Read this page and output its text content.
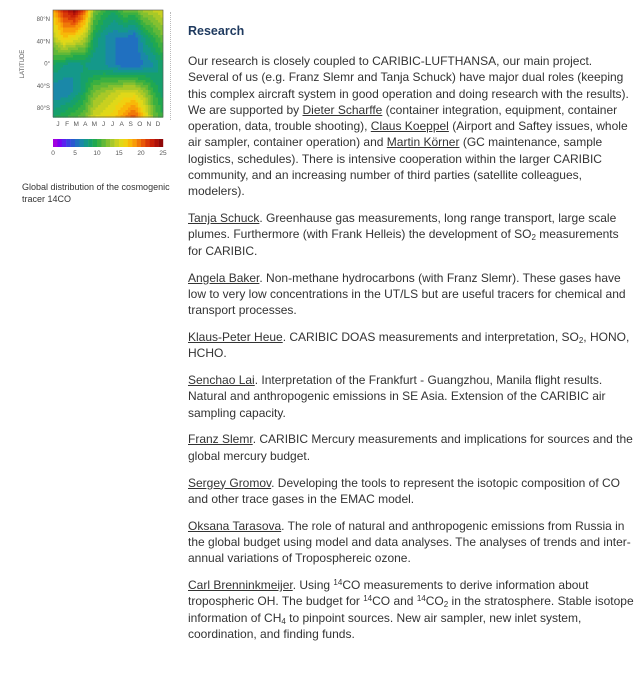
LATITUDE
80°N
40°N
0°
40°S
80°S
J F M A M J J A S O N D
0	5	10 15 20 25
Global distribution of the cosmogenic tracer 14CO
Research

Our research is closely coupled to CARIBIC-LUFTHANSA, our main project. Several of us (e.g. Franz Slemr and Tanja Schuck) have major dual roles (keeping this complex aircraft system in good operation and doing research with the results). We are supported by Dieter Scharffe (container integration, equipment, container operation, data, trouble shooting), Claus Koeppel (Airport and Saftey issues, whole air sampler, container operation) and Martin Körner (GC maintenance, sample logistics, schedules). There is intensive cooperation within the larger CARIBIC community, and an increasing number of third parties (satellite colleagues, modelers).

Tanja Schuck. Greenhause gas measurements, long range transport, large scale plumes. Furthermore (with Frank Helleis) the development of $SO_2$ measurements for CARIBIC.

Angela Baker. Non-methane hydrocarbons (with Franz Slemr). These gases have low to very low concentrations in the UT/LS but are useful tracers for chemical and transport processes.

Klaus-Peter Heue. CARIBIC DOAS measurements and interpretation, $SO_2$, HONO, HCHO.

Senchao Lai. Interpretation of the Frankfurt - Guangzhou, Manila flight results. Natural and anthropogenic emissions in SE Asia. Extension of the CARIBIC air sampling capacity.

Franz Slemr. CARIBIC Mercury measurements and implications for sources and the global mercury budget.

Sergey Gromov. Developing the tools to represent the isotopic composition of CO and other trace gases in the EMAC model.

Oksana Tarasova. The role of natural and anthropogenic emissions from Russia in the global budget using model and data analyses. The analyses of trends and inter-annual variations of Troposphereic ozone.

Carl Brenninkmeijer. Using $^{14}$CO measurements to derive information about tropospheric OH. The budget for $^{14}$CO and $^{14}CO_2$ in the stratosphere. Stable isotope information of $CH_4$ to pinpoint sources. New air sampler, new inlet system, coordination, and finding funds.
